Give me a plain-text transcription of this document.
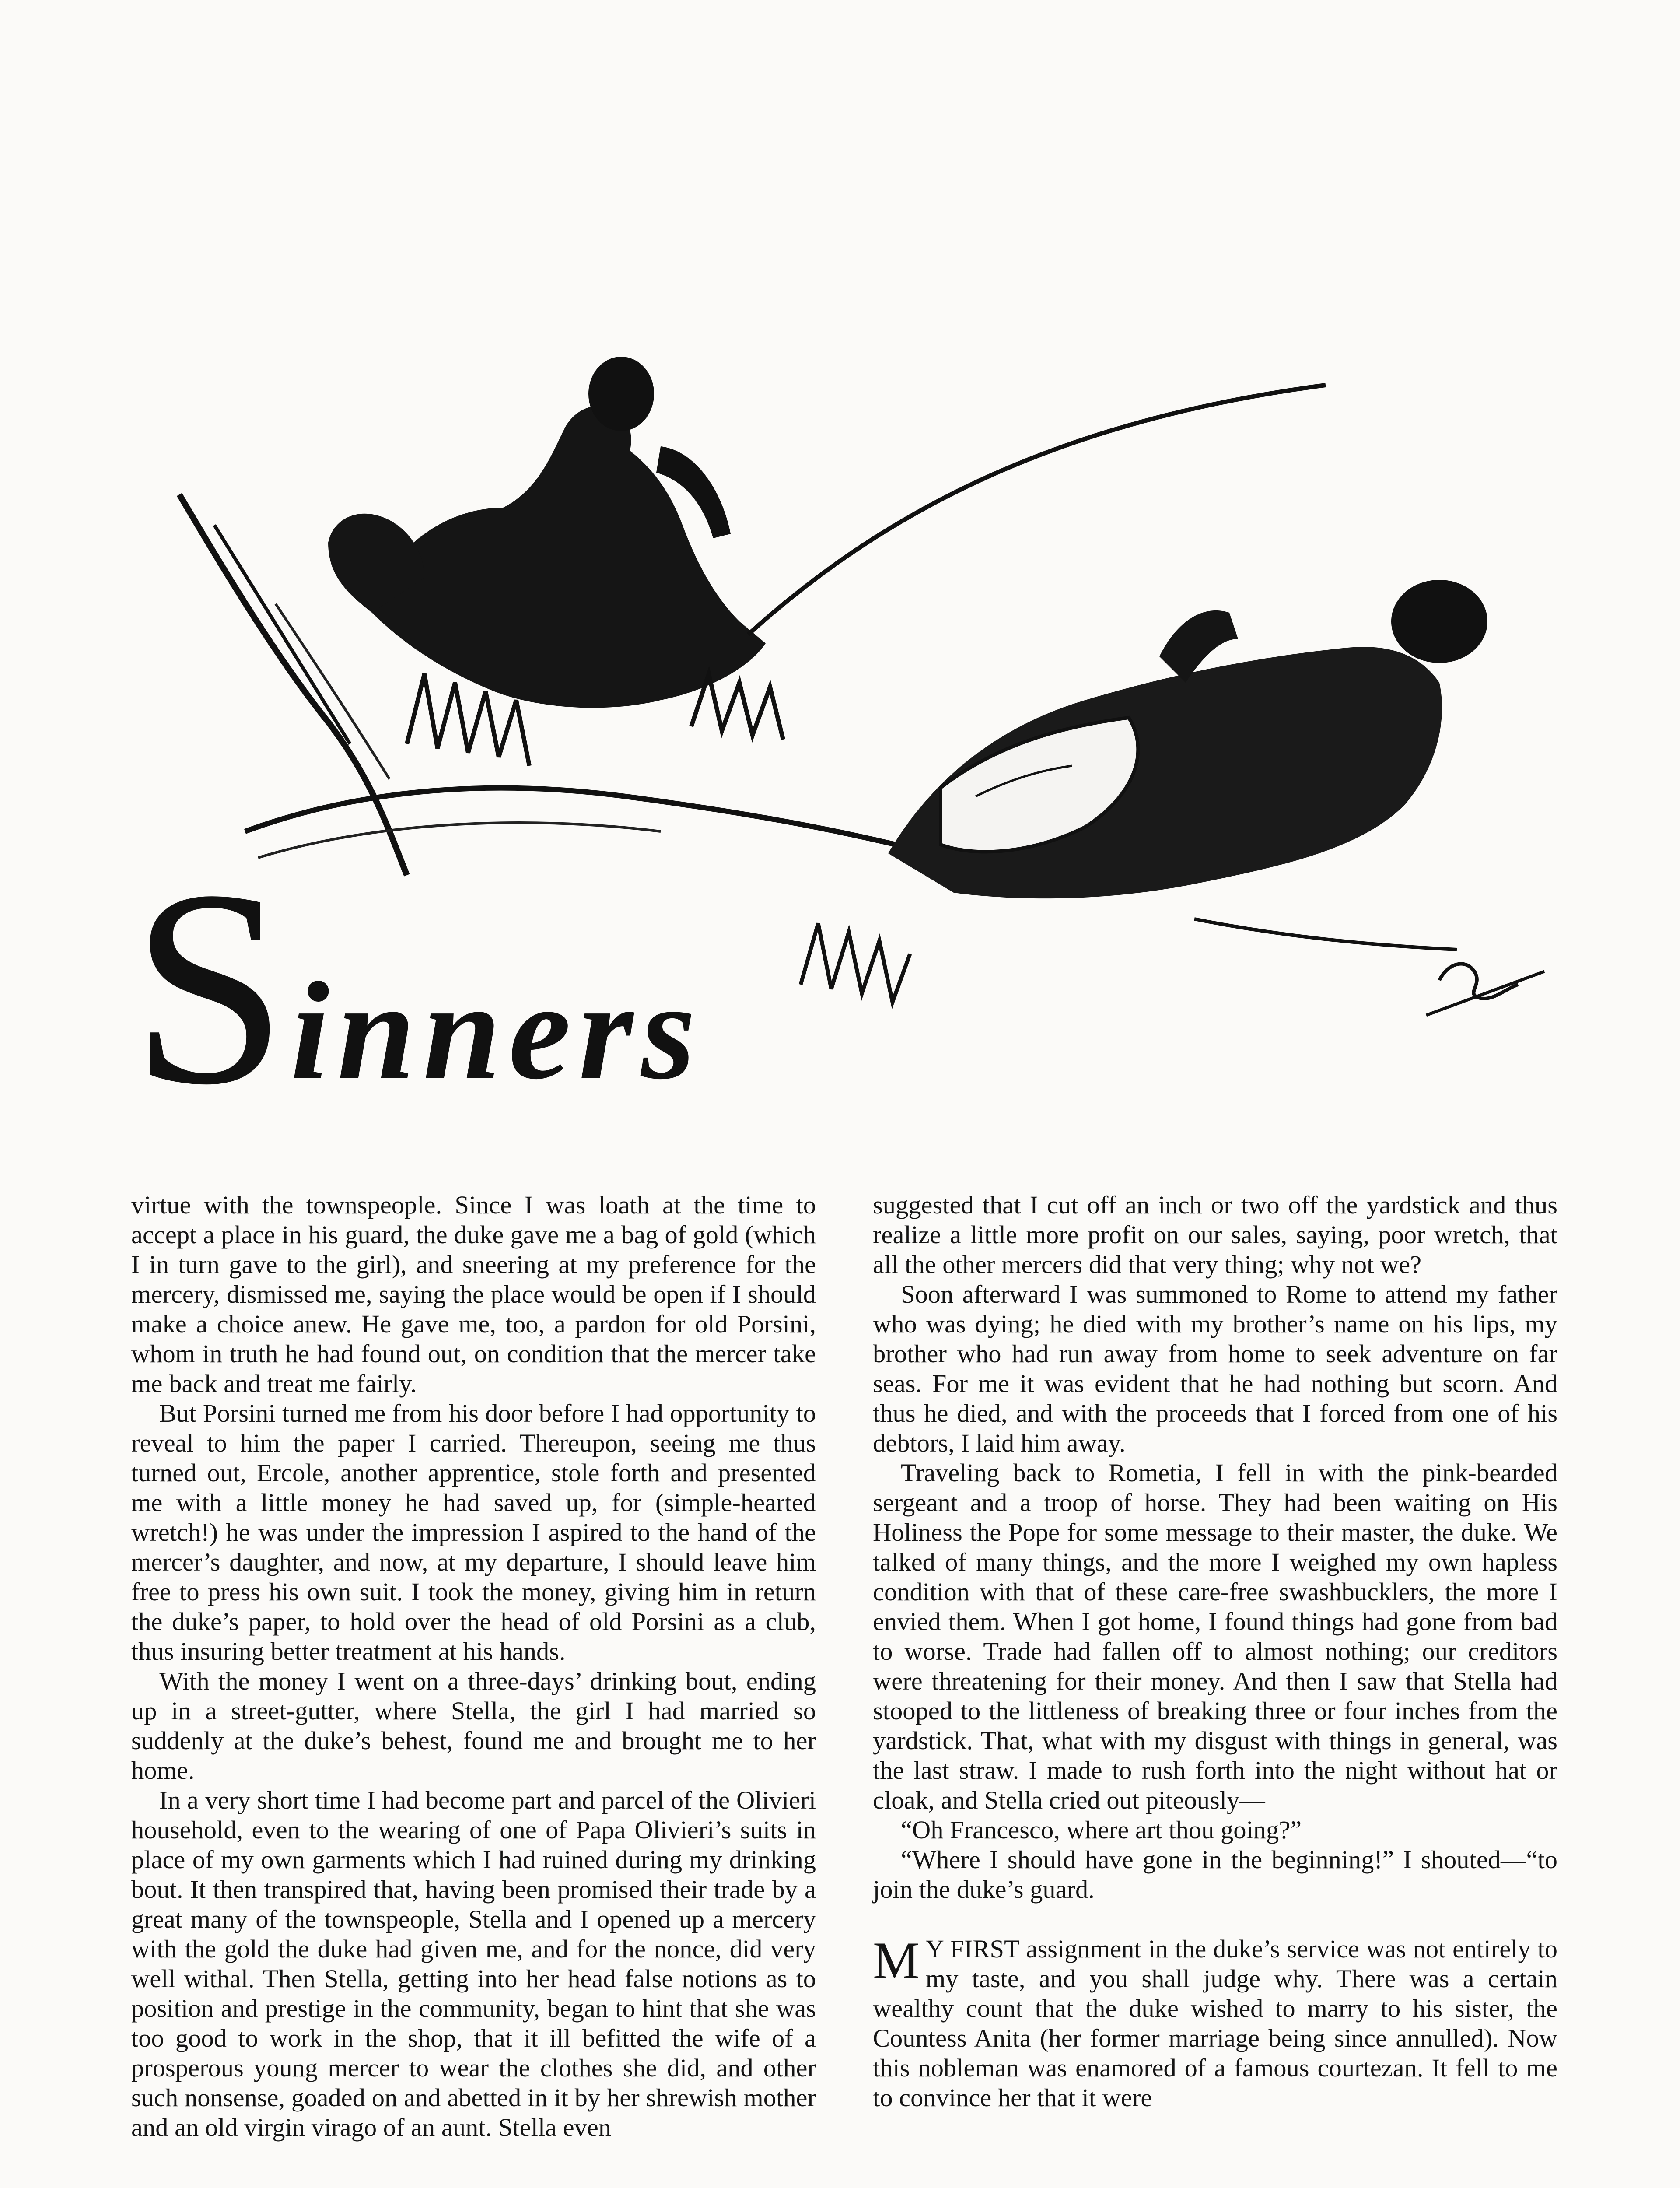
S inners

virtue with the townspeople. Since I was loath at the time to accept a place in his guard, the duke gave me a bag of gold (which I in turn gave to the girl), and sneering at my preference for the mercery, dismissed me, saying the place would be open if I should make a choice anew. He gave me, too, a pardon for old Porsini, whom in truth he had found out, on condition that the mercer take me back and treat me fairly.

But Porsini turned me from his door before I had opportunity to reveal to him the paper I carried. Thereupon, seeing me thus turned out, Ercole, another apprentice, stole forth and presented me with a little money he had saved up, for (simple-hearted wretch!) he was under the impression I aspired to the hand of the mercer’s daughter, and now, at my departure, I should leave him free to press his own suit. I took the money, giving him in return the duke’s paper, to hold over the head of old Porsini as a club, thus insuring better treatment at his hands.

With the money I went on a three-days’ drinking bout, ending up in a street-gutter, where Stella, the girl I had married so suddenly at the duke’s behest, found me and brought me to her home.

In a very short time I had become part and parcel of the Olivieri household, even to the wearing of one of Papa Olivieri’s suits in place of my own garments which I had ruined during my drinking bout. It then transpired that, having been promised their trade by a great many of the townspeople, Stella and I opened up a mercery with the gold the duke had given me, and for the nonce, did very well withal. Then Stella, getting into her head false notions as to position and prestige in the community, began to hint that she was too good to work in the shop, that it ill befitted the wife of a prosperous young mercer to wear the clothes she did, and other such nonsense, goaded on and abetted in it by her shrewish mother and an old virgin virago of an aunt. Stella even

suggested that I cut off an inch or two off the yardstick and thus realize a little more profit on our sales, saying, poor wretch, that all the other mercers did that very thing; why not we?

Soon afterward I was summoned to Rome to attend my father who was dying; he died with my brother’s name on his lips, my brother who had run away from home to seek adventure on far seas. For me it was evident that he had nothing but scorn. And thus he died, and with the proceeds that I forced from one of his debtors, I laid him away.

Traveling back to Rometia, I fell in with the pink-bearded sergeant and a troop of horse. They had been waiting on His Holiness the Pope for some message to their master, the duke. We talked of many things, and the more I weighed my own hapless condition with that of these care-free swashbucklers, the more I envied them. When I got home, I found things had gone from bad to worse. Trade had fallen off to almost nothing; our creditors were threatening for their money. And then I saw that Stella had stooped to the littleness of breaking three or four inches from the yardstick. That, what with my disgust with things in general, was the last straw. I made to rush forth into the night without hat or cloak, and Stella cried out piteously—

“Oh Francesco, where art thou going?”

“Where I should have gone in the beginning!” I shouted—“to join the duke’s guard.

M Y FIRST assignment in the duke’s service was not entirely to my taste, and you shall judge why. There was a certain wealthy count that the duke wished to marry to his sister, the Countess Anita (her former marriage being since annulled). Now this nobleman was enamored of a famous courtezan. It fell to me to convince her that it were
